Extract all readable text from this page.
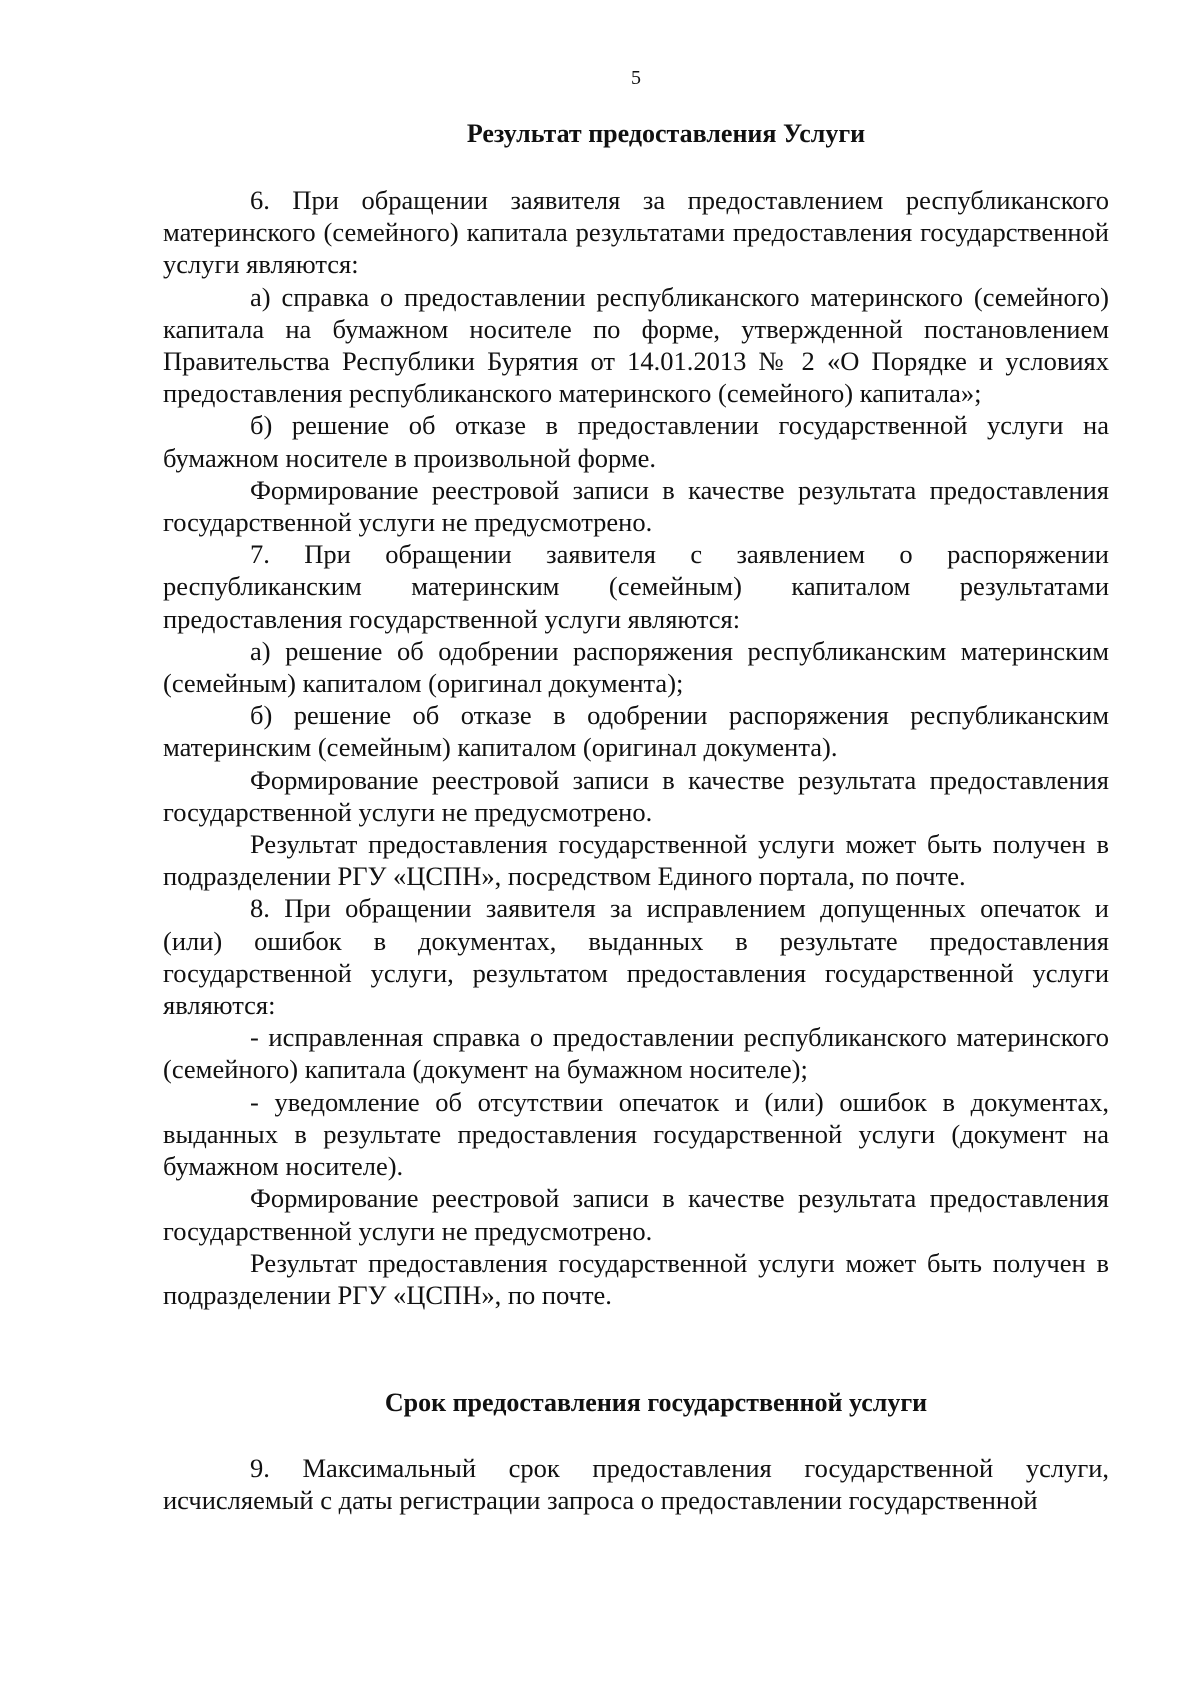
5
Результат предоставления Услуги

6. При обращении заявителя за предоставлением республиканского материнского (семейного) капитала результатами предоставления государственной услуги являются:

а) справка о предоставлении республиканского материнского (семейного) капитала на бумажном носителе по форме, утвержденной постановлением Правительства Республики Бурятия от 14.01.2013 № 2 «О Порядке и условиях предоставления республиканского материнского (семейного) капитала»;

б) решение об отказе в предоставлении государственной услуги на бумажном носителе в произвольной форме.

Формирование реестровой записи в качестве результата предоставления государственной услуги не предусмотрено.

7. При обращении заявителя с заявлением о распоряжении республиканским материнским (семейным) капиталом результатами предоставления государственной услуги являются:

а) решение об одобрении распоряжения республиканским материнским (семейным) капиталом (оригинал документа);

б) решение об отказе в одобрении распоряжения республиканским материнским (семейным) капиталом (оригинал документа).

Формирование реестровой записи в качестве результата предоставления государственной услуги не предусмотрено.

Результат предоставления государственной услуги может быть получен в подразделении РГУ «ЦСПН», посредством Единого портала, по почте.

8. При обращении заявителя за исправлением допущенных опечаток и (или) ошибок в документах, выданных в результате предоставления государственной услуги, результатом предоставления государственной услуги являются:

- исправленная справка о предоставлении республиканского материнского (семейного) капитала (документ на бумажном носителе);

- уведомление об отсутствии опечаток и (или) ошибок в документах, выданных в результате предоставления государственной услуги (документ на бумажном носителе).

Формирование реестровой записи в качестве результата предоставления государственной услуги не предусмотрено.

Результат предоставления государственной услуги может быть получен в подразделении РГУ «ЦСПН», по почте.

Срок предоставления государственной услуги

9. Максимальный срок предоставления государственной услуги, исчисляемый с даты регистрации запроса о предоставлении государственной
